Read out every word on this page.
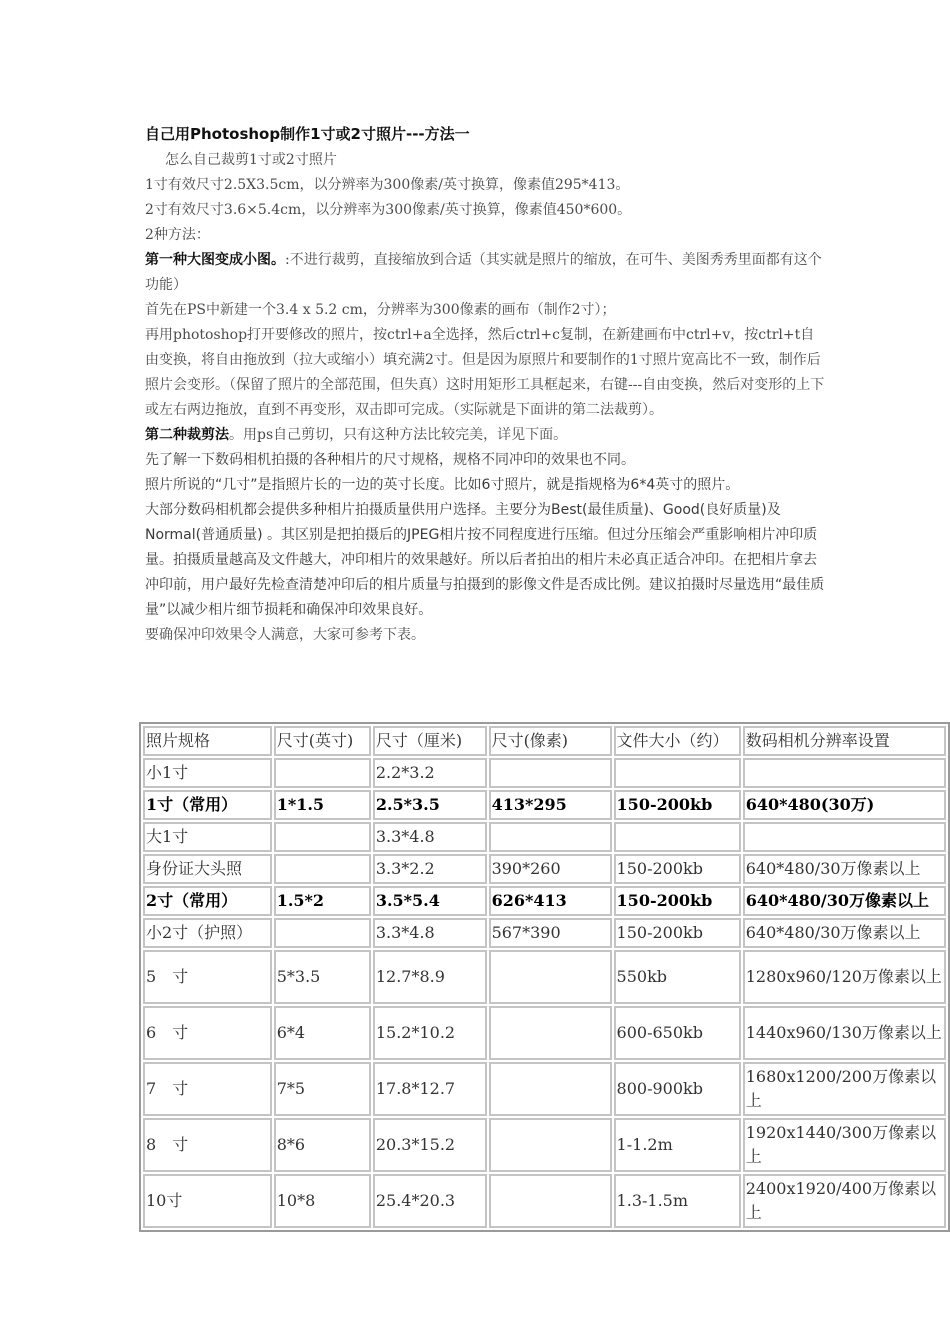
自己用Photoshop制作1寸或2寸照片---方法一
怎么自己裁剪1寸或2寸照片
1寸有效尺寸2.5X3.5cm，以分辨率为300像素/英寸换算，像素值295*413。
2寸有效尺寸3.6×5.4cm，以分辨率为300像素/英寸换算，像素值450*600。
2种方法：
第一种大图变成小图。:不进行裁剪，直接缩放到合适（其实就是照片的缩放，在可牛、美图秀秀里面都有这个功能）
首先在PS中新建一个3.4 x 5.2 cm，分辨率为300像素的画布（制作2寸）；
再用photoshop打开要修改的照片，按ctrl+a全选择，然后ctrl+c复制，在新建画布中ctrl+v，按ctrl+t自由变换，将自由拖放到（拉大或缩小）填充满2寸。但是因为原照片和要制作的1寸照片宽高比不一致，制作后照片会变形。（保留了照片的全部范围，但失真）这时用矩形工具框起来，右键---自由变换，然后对变形的上下或左右两边拖放，直到不再变形，双击即可完成。（实际就是下面讲的第二法裁剪）。
第二种裁剪法。用ps自己剪切，只有这种方法比较完美，详见下面。
先了解一下数码相机拍摄的各种相片的尺寸规格，规格不同冲印的效果也不同。
照片所说的“几寸”是指照片长的一边的英寸长度。比如6寸照片，就是指规格为6*4英寸的照片。
大部分数码相机都会提供多种相片拍摄质量供用户选择。主要分为Best(最佳质量)、Good(良好质量)及Normal(普通质量) 。其区别是把拍摄后的JPEG相片按不同程度进行压缩。但过分压缩会严重影响相片冲印质量。拍摄质量越高及文件越大，冲印相片的效果越好。所以后者拍出的相片未必真正适合冲印。在把相片拿去冲印前，用户最好先检查清楚冲印后的相片质量与拍摄到的影像文件是否成比例。建议拍摄时尽量选用“最佳质量”以减少相片细节损耗和确保冲印效果良好。
要确保冲印效果令人满意，大家可参考下表。
照片规格	尺寸(英寸)	尺寸（厘米)	尺寸(像素)	文件大小（约）	数码相机分辨率设置
小1寸		2.2*3.2			
1寸（常用）	1*1.5	2.5*3.5	413*295	150-200kb	640*480(30万)
大1寸		3.3*4.8			
身份证大头照		3.3*2.2	390*260	150-200kb	640*480/30万像素以上
2寸（常用）	1.5*2	3.5*5.4	626*413	150-200kb	640*480/30万像素以上
小2寸（护照）		3.3*4.8	567*390	150-200kb	640*480/30万像素以上
5　寸	5*3.5	12.7*8.9		550kb	1280x960/120万像素以上
6　寸	6*4	15.2*10.2		600-650kb	1440x960/130万像素以上
7　寸	7*5	17.8*12.7		800-900kb	1680x1200/200万像素以上
8　寸	8*6	20.3*15.2		1-1.2m	1920x1440/300万像素以上
10寸	10*8	25.4*20.3		1.3-1.5m	2400x1920/400万像素以上
